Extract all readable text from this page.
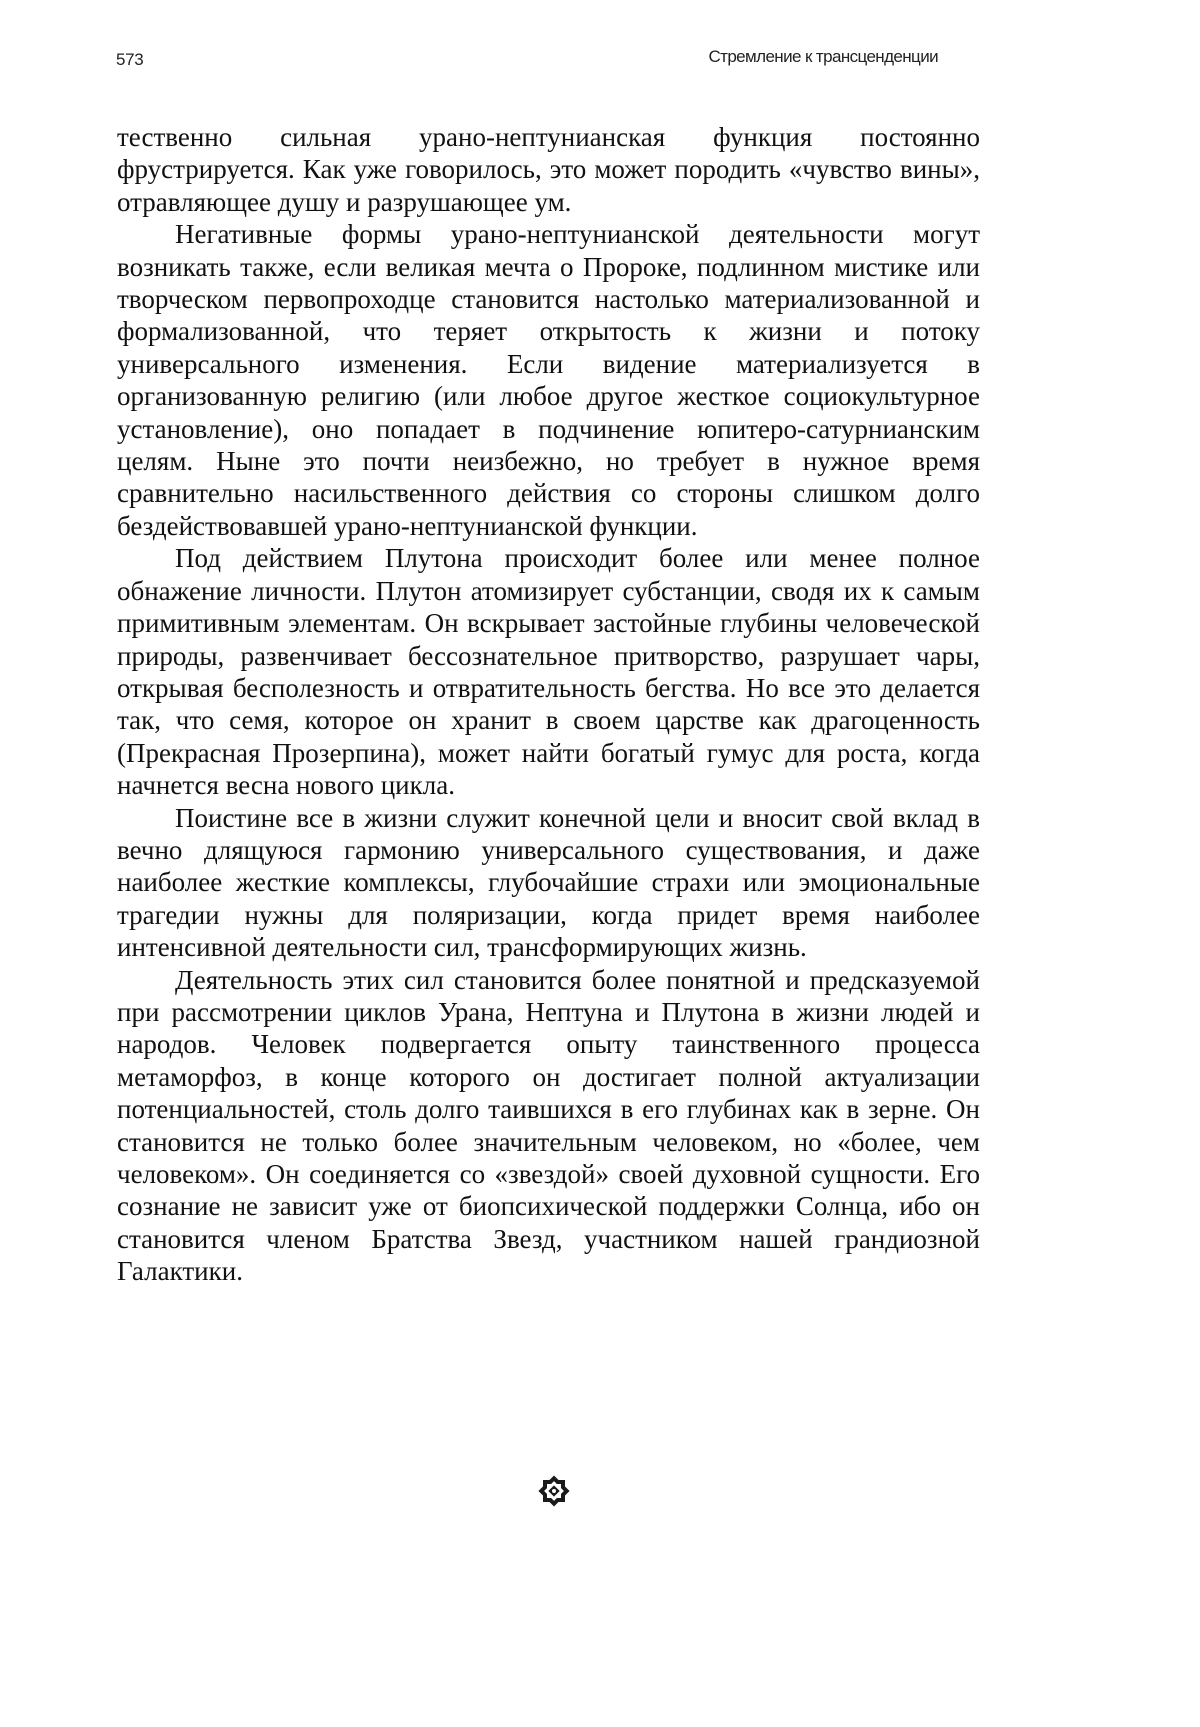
573	Стремление к трансценденции

тественно сильная урано-нептунианская функция постоянно фрустрируется. Как уже говорилось, это может породить «чувство вины», отравляющее душу и разрушающее ум.

Негативные формы урано-нептунианской деятельности могут возникать также, если великая мечта о Пророке, подлинном мистике или творческом первопроходце становится настолько материализованной и формализованной, что теряет открытость к жизни и потоку универсального изменения. Если видение материализуется в организованную религию (или любое другое жесткое социокультурное установление), оно попадает в подчинение юпитеро-сатурнианским целям. Ныне это почти неизбежно, но требует в нужное время сравнительно насильственного действия со стороны слишком долго бездействовавшей урано-нептунианской функции.

Под действием Плутона происходит более или менее полное обнажение личности. Плутон атомизирует субстанции, сводя их к самым примитивным элементам. Он вскрывает застойные глубины человеческой природы, развенчивает бессознательное притворство, разрушает чары, открывая бесполезность и отвратительность бегства. Но все это делается так, что семя, которое он хранит в своем царстве как драгоценность (Прекрасная Прозерпина), может найти богатый гумус для роста, когда начнется весна нового цикла.

Поистине все в жизни служит конечной цели и вносит свой вклад в вечно длящуюся гармонию универсального существования, и даже наиболее жесткие комплексы, глубочайшие страхи или эмоциональные трагедии нужны для поляризации, когда придет время наиболее интенсивной деятельности сил, трансформирующих жизнь.

Деятельность этих сил становится более понятной и предсказуемой при рассмотрении циклов Урана, Нептуна и Плутона в жизни людей и народов. Человек подвергается опыту таинственного процесса метаморфоз, в конце которого он достигает полной актуализации потенциальностей, столь долго таившихся в его глубинах как в зерне. Он становится не только более значительным человеком, но «более, чем человеком». Он соединяется со «звездой» своей духовной сущности. Его сознание не зависит уже от биопсихической поддержки Солнца, ибо он становится членом Братства Звезд, участником нашей грандиозной Галактики.
